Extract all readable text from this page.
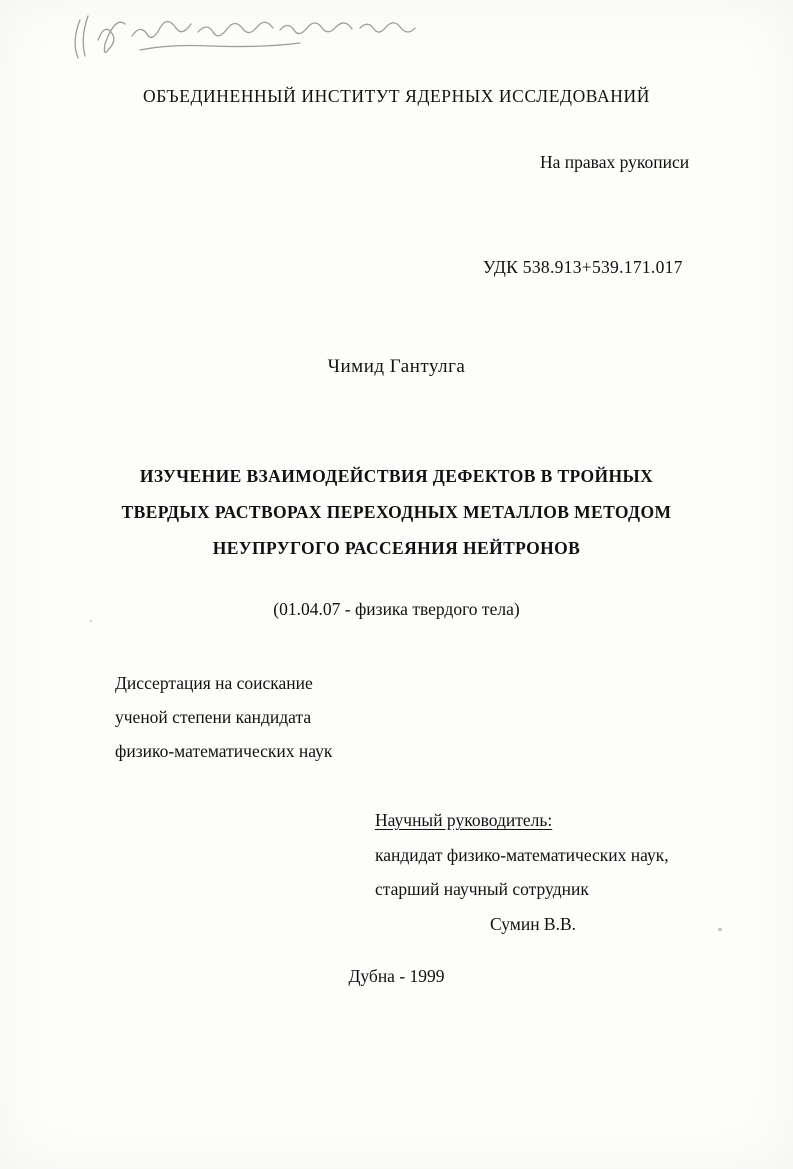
ОБЪЕДИНЕННЫЙ ИНСТИТУТ ЯДЕРНЫХ ИССЛЕДОВАНИЙ
На правах рукописи
УДК 538.913+539.171.017
Чимид Гантулга
ИЗУЧЕНИЕ ВЗАИМОДЕЙСТВИЯ ДЕФЕКТОВ В ТРОЙНЫХ
ТВЕРДЫХ РАСТВОРАХ ПЕРЕХОДНЫХ МЕТАЛЛОВ МЕТОДОМ
НЕУПРУГОГО РАССЕЯНИЯ НЕЙТРОНОВ
(01.04.07 - физика твердого тела)
Диссертация на соискание
ученой степени кандидата
физико-математических наук
Научный руководитель:
кандидат физико-математических наук,
старший научный сотрудник
Сумин В.В.
Дубна - 1999
